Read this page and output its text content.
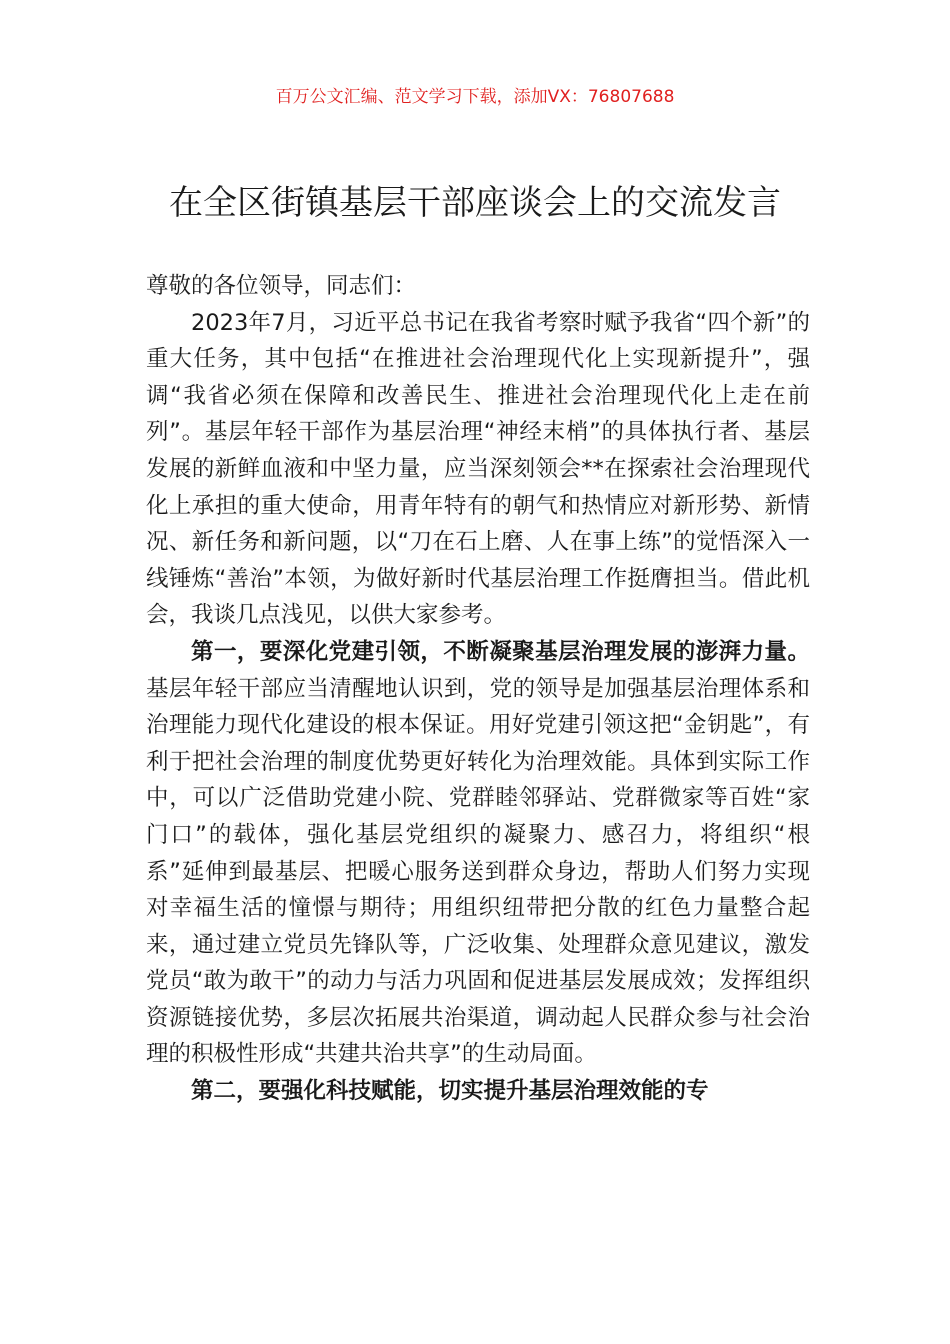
百万公文汇编、范文学习下载，添加VX：76807688
在全区街镇基层干部座谈会上的交流发言

尊敬的各位领导，同志们：

2023年7月，习近平总书记在我省考察时赋予我省“四个新”的重大任务，其中包括“在推进社会治理现代化上实现新提升”，强调“我省必须在保障和改善民生、推进社会治理现代化上走在前列”。基层年轻干部作为基层治理“神经末梢”的具体执行者、基层发展的新鲜血液和中坚力量，应当深刻领会**在探索社会治理现代化上承担的重大使命，用青年特有的朝气和热情应对新形势、新情况、新任务和新问题，以“刀在石上磨、人在事上练”的觉悟深入一线锤炼“善治”本领，为做好新时代基层治理工作挺膺担当。借此机会，我谈几点浅见，以供大家参考。

第一，要深化党建引领，不断凝聚基层治理发展的澎湃力量。基层年轻干部应当清醒地认识到，党的领导是加强基层治理体系和治理能力现代化建设的根本保证。用好党建引领这把“金钥匙”，有利于把社会治理的制度优势更好转化为治理效能。具体到实际工作中，可以广泛借助党建小院、党群睦邻驿站、党群微家等百姓“家门口”的载体，强化基层党组织的凝聚力、感召力，将组织“根系”延伸到最基层、把暖心服务送到群众身边，帮助人们努力实现对幸福生活的憧憬与期待；用组织纽带把分散的红色力量整合起来，通过建立党员先锋队等，广泛收集、处理群众意见建议，激发党员“敢为敢干”的动力与活力巩固和促进基层发展成效；发挥组织资源链接优势，多层次拓展共治渠道，调动起人民群众参与社会治理的积极性形成“共建共治共享”的生动局面。

第二，要强化科技赋能，切实提升基层治理效能的专
